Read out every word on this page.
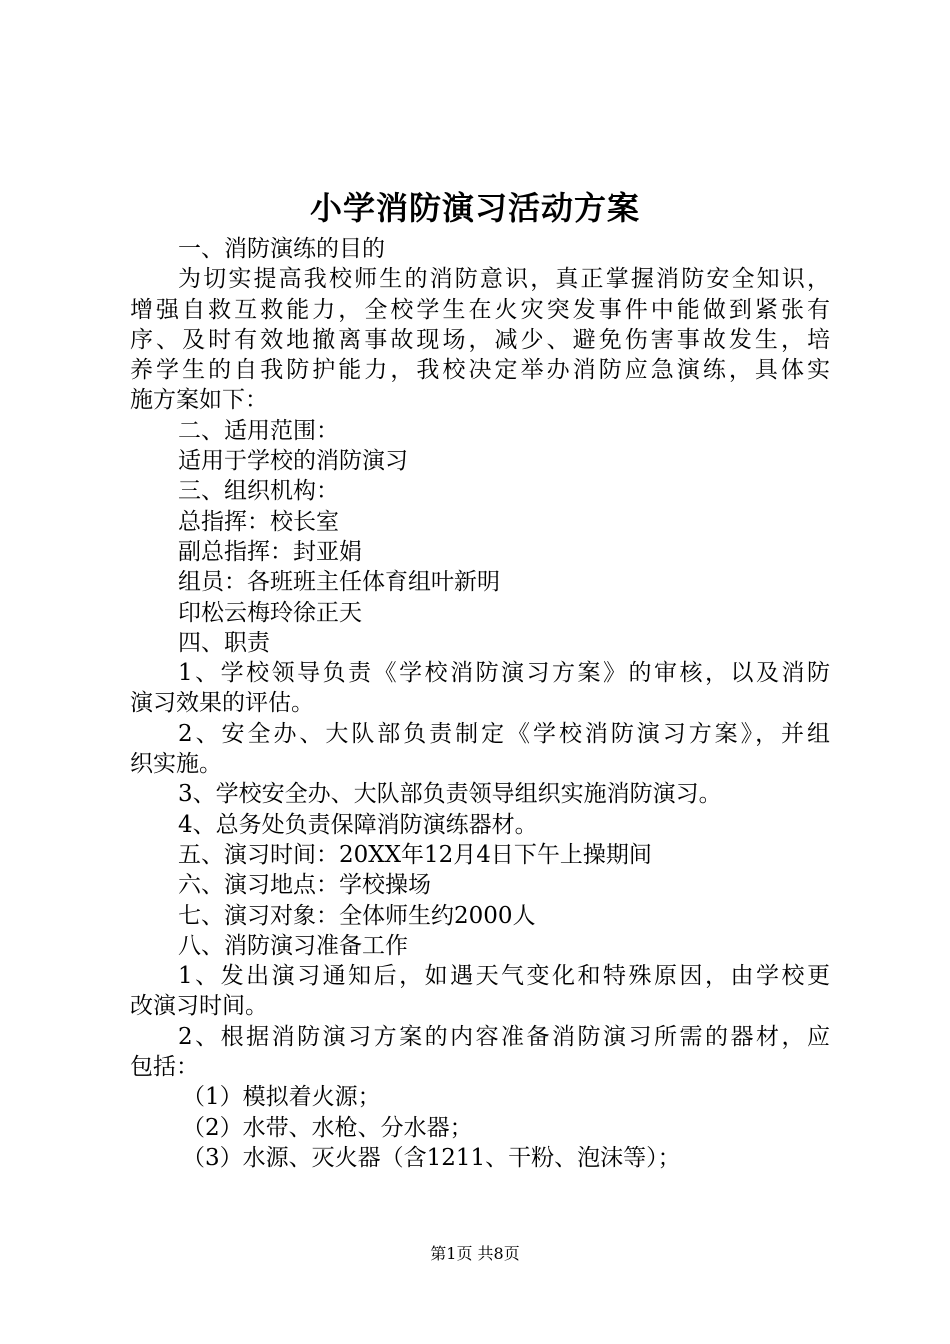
小学消防演习活动方案
一、消防演练的目的
为切实提高我校师生的消防意识，真正掌握消防安全知识，
增强自救互救能力，全校学生在火灾突发事件中能做到紧张有
序、及时有效地撤离事故现场，减少、避免伤害事故发生，培
养学生的自我防护能力，我校决定举办消防应急演练，具体实
施方案如下：
二、适用范围：
适用于学校的消防演习
三、组织机构：
总指挥：校长室
副总指挥：封亚娟
组员：各班班主任体育组叶新明
印松云梅玲徐正天
四、职责
1、学校领导负责《学校消防演习方案》的审核，以及消防
演习效果的评估。
2、安全办、大队部负责制定《学校消防演习方案》，并组
织实施。
3、学校安全办、大队部负责领导组织实施消防演习。
4、总务处负责保障消防演练器材。
五、演习时间：20XX年12月4日下午上操期间
六、演习地点：学校操场
七、演习对象：全体师生约2000人
八、消防演习准备工作
1、发出演习通知后，如遇天气变化和特殊原因，由学校更
改演习时间。
2、根据消防演习方案的内容准备消防演习所需的器材，应
包括：
（1）模拟着火源；
（2）水带、水枪、分水器；
（3）水源、灭火器（含1211、干粉、泡沫等）；
第1页 共8页
